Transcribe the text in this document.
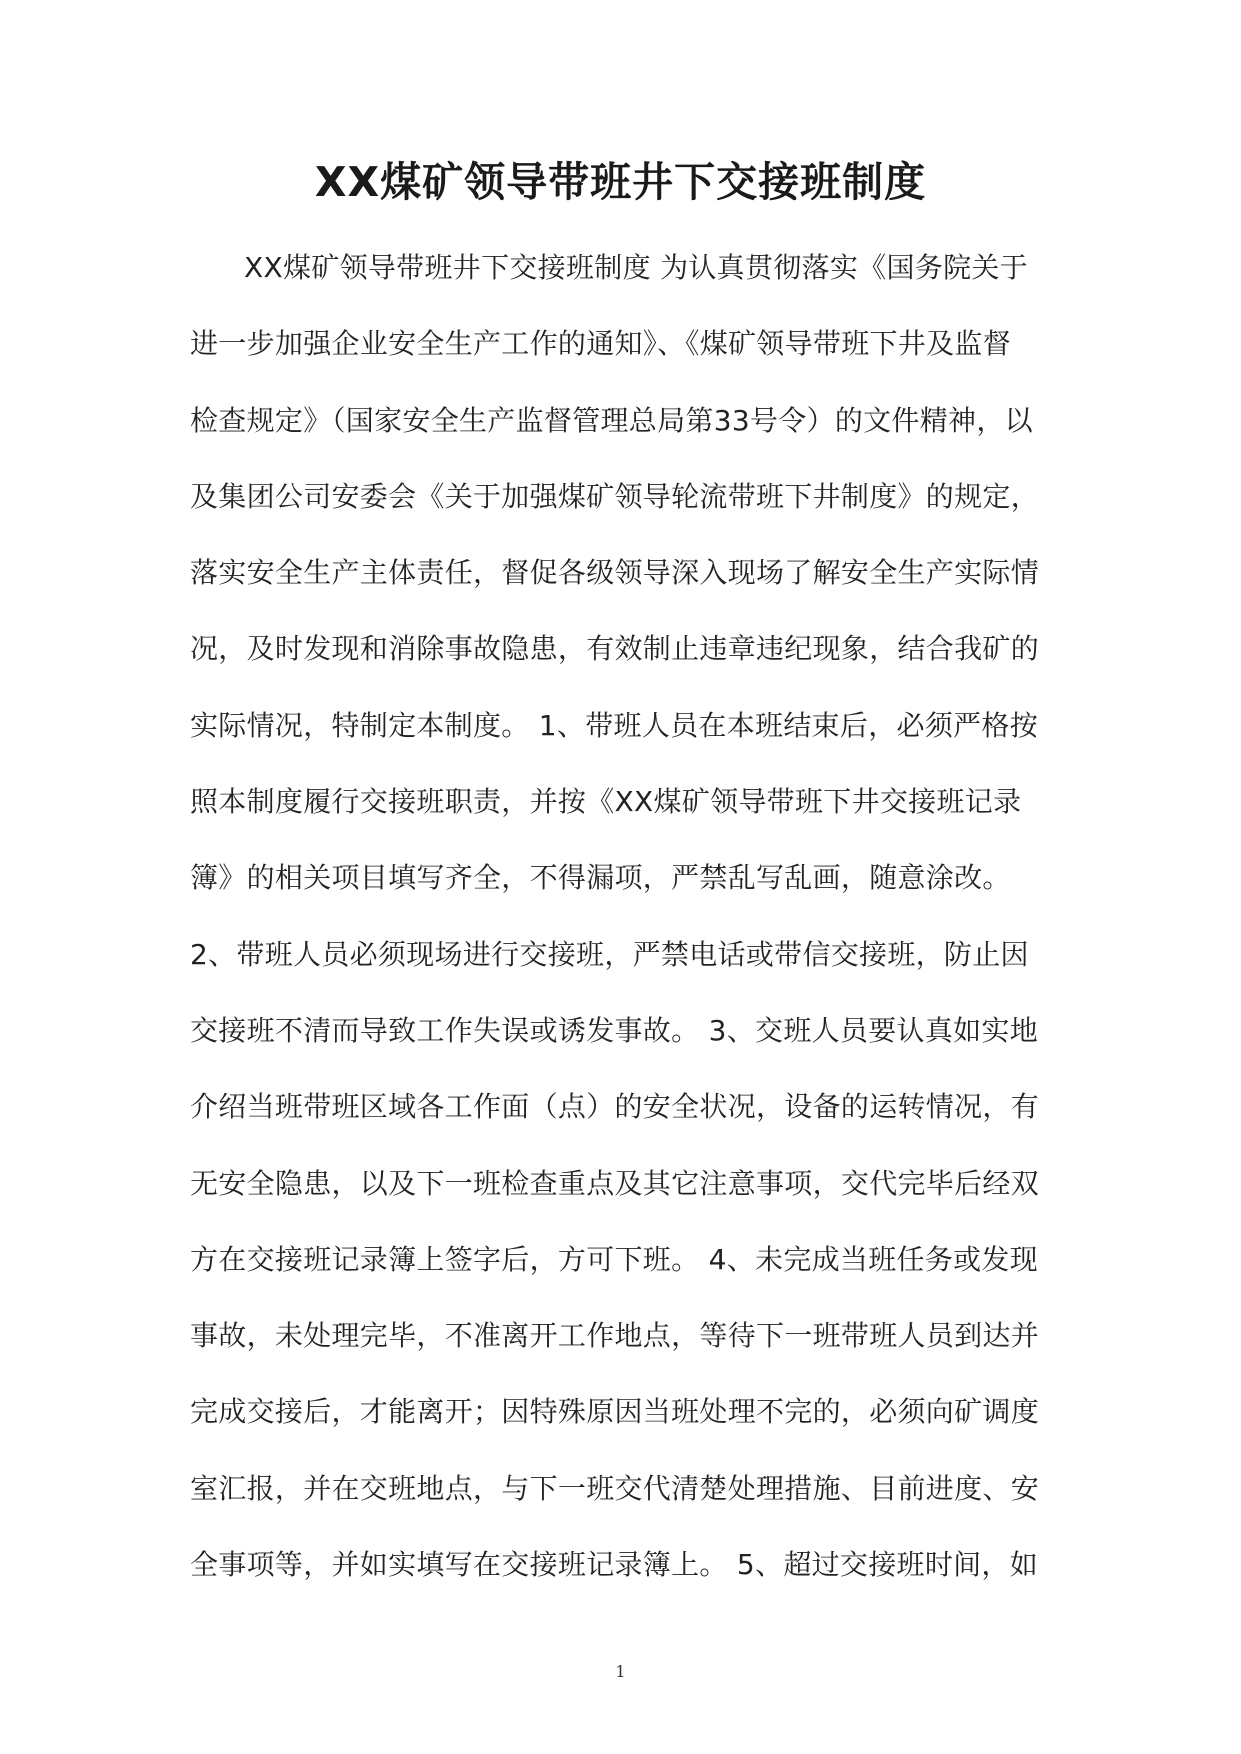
XX煤矿领导带班井下交接班制度
XX煤矿领导带班井下交接班制度 为认真贯彻落实《国务院关于
进一步加强企业安全生产工作的通知》、《煤矿领导带班下井及监督
检查规定》（国家安全生产监督管理总局第33号令）的文件精神，以
及集团公司安委会《关于加强煤矿领导轮流带班下井制度》的规定，
落实安全生产主体责任，督促各级领导深入现场了解安全生产实际情
况，及时发现和消除事故隐患，有效制止违章违纪现象，结合我矿的
实际情况，特制定本制度。 1、带班人员在本班结束后，必须严格按
照本制度履行交接班职责，并按《XX煤矿领导带班下井交接班记录
簿》的相关项目填写齐全，不得漏项，严禁乱写乱画，随意涂改。
2、带班人员必须现场进行交接班，严禁电话或带信交接班，防止因
交接班不清而导致工作失误或诱发事故。 3、交班人员要认真如实地
介绍当班带班区域各工作面（点）的安全状况，设备的运转情况，有
无安全隐患，以及下一班检查重点及其它注意事项，交代完毕后经双
方在交接班记录簿上签字后，方可下班。 4、未完成当班任务或发现
事故，未处理完毕，不准离开工作地点，等待下一班带班人员到达并
完成交接后，才能离开；因特殊原因当班处理不完的，必须向矿调度
室汇报，并在交班地点，与下一班交代清楚处理措施、目前进度、安
全事项等，并如实填写在交接班记录簿上。 5、超过交接班时间，如
1
